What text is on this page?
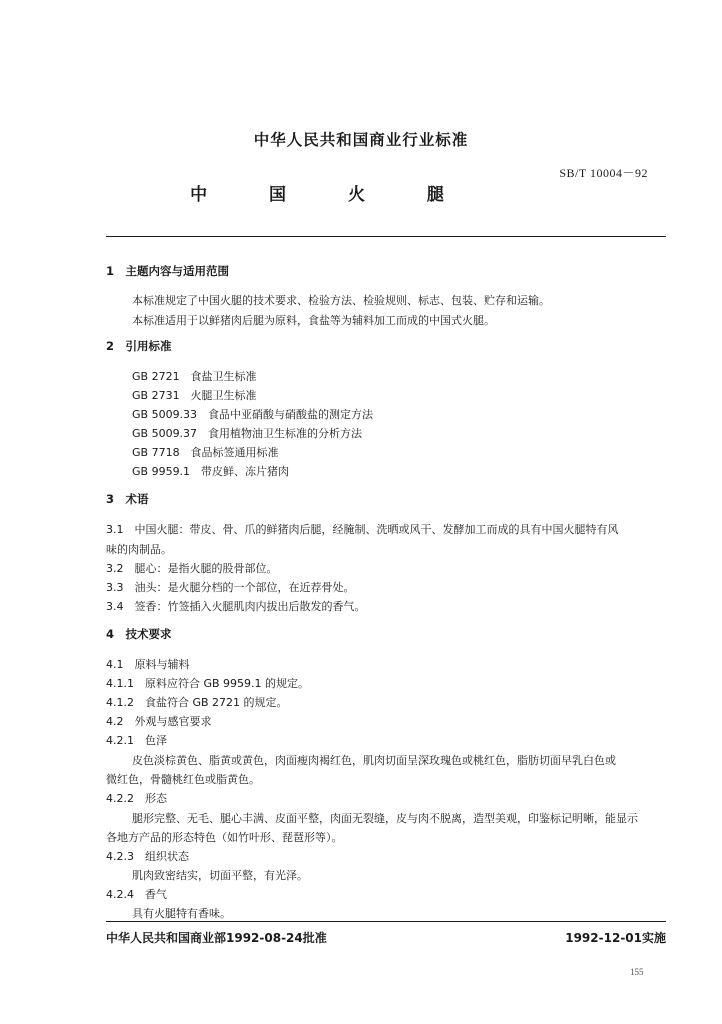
中华人民共和国商业行业标准
SB/T 10004－92
中 国 火 腿
1　主题内容与适用范围
本标准规定了中国火腿的技术要求、检验方法、检验规则、标志、包装、贮存和运输。
本标准适用于以鲜猪肉后腿为原料，食盐等为辅料加工而成的中国式火腿。
2　引用标准
GB 2721　食盐卫生标准
GB 2731　火腿卫生标准
GB 5009.33　食品中亚硝酸与硝酸盐的测定方法
GB 5009.37　食用植物油卫生标准的分析方法
GB 7718　食品标签通用标准
GB 9959.1　带皮鲜、冻片猪肉
3　术语
3.1　中国火腿：带皮、骨、爪的鲜猪肉后腿，经腌制、洗晒或风干、发酵加工而成的具有中国火腿特有风
味的肉制品。
3.2　腿心：是指火腿的股骨部位。
3.3　油头：是火腿分档的一个部位，在近荐骨处。
3.4　签香：竹签插入火腿肌肉内拔出后散发的香气。
4　技术要求
4.1　原料与辅料
4.1.1　原料应符合 GB 9959.1 的规定。
4.1.2　食盐符合 GB 2721 的规定。
4.2　外观与感官要求
4.2.1　色泽
皮色淡棕黄色、脂黄或黄色，肉面瘦肉褐红色，肌肉切面呈深玫瑰色或桃红色，脂肪切面早乳白色或
微红色，骨髓桃红色或脂黄色。
4.2.2　形态
腿形完整、无毛、腿心丰满、皮面平整，肉面无裂缝，皮与肉不脱离，造型美观，印鉴标记明晰，能显示
各地方产品的形态特色（如竹叶形、琵琶形等）。
4.2.3　组织状态
肌肉致密结实，切面平整，有光泽。
4.2.4　香气
具有火腿特有香味。
中华人民共和国商业部1992-08-24批准	1992-12-01实施
155
